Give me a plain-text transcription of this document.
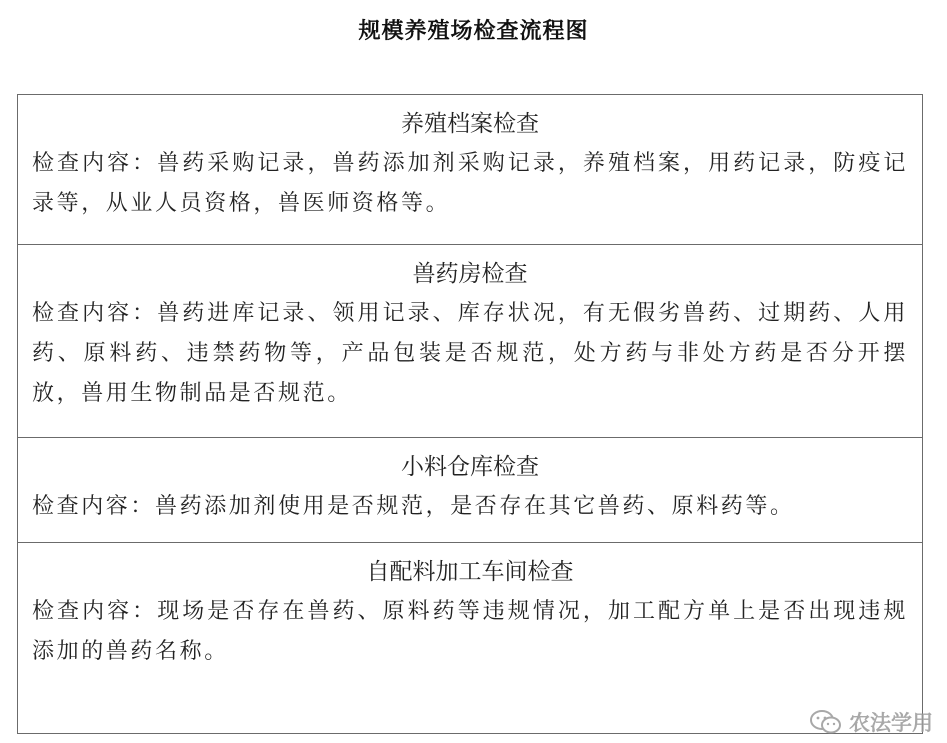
规模养殖场检查流程图
养殖档案检查
检查内容：兽药采购记录，兽药添加剂采购记录，养殖档案，用药记录，防疫记录等，从业人员资格，兽医师资格等。
兽药房检查
检查内容：兽药进库记录、领用记录、库存状况，有无假劣兽药、过期药、人用药、原料药、违禁药物等，产品包装是否规范，处方药与非处方药是否分开摆放，兽用生物制品是否规范。
小料仓库检查
检查内容：兽药添加剂使用是否规范，是否存在其它兽药、原料药等。
自配料加工车间检查
检查内容：现场是否存在兽药、原料药等违规情况，加工配方单上是否出现违规添加的兽药名称。
农法学用
